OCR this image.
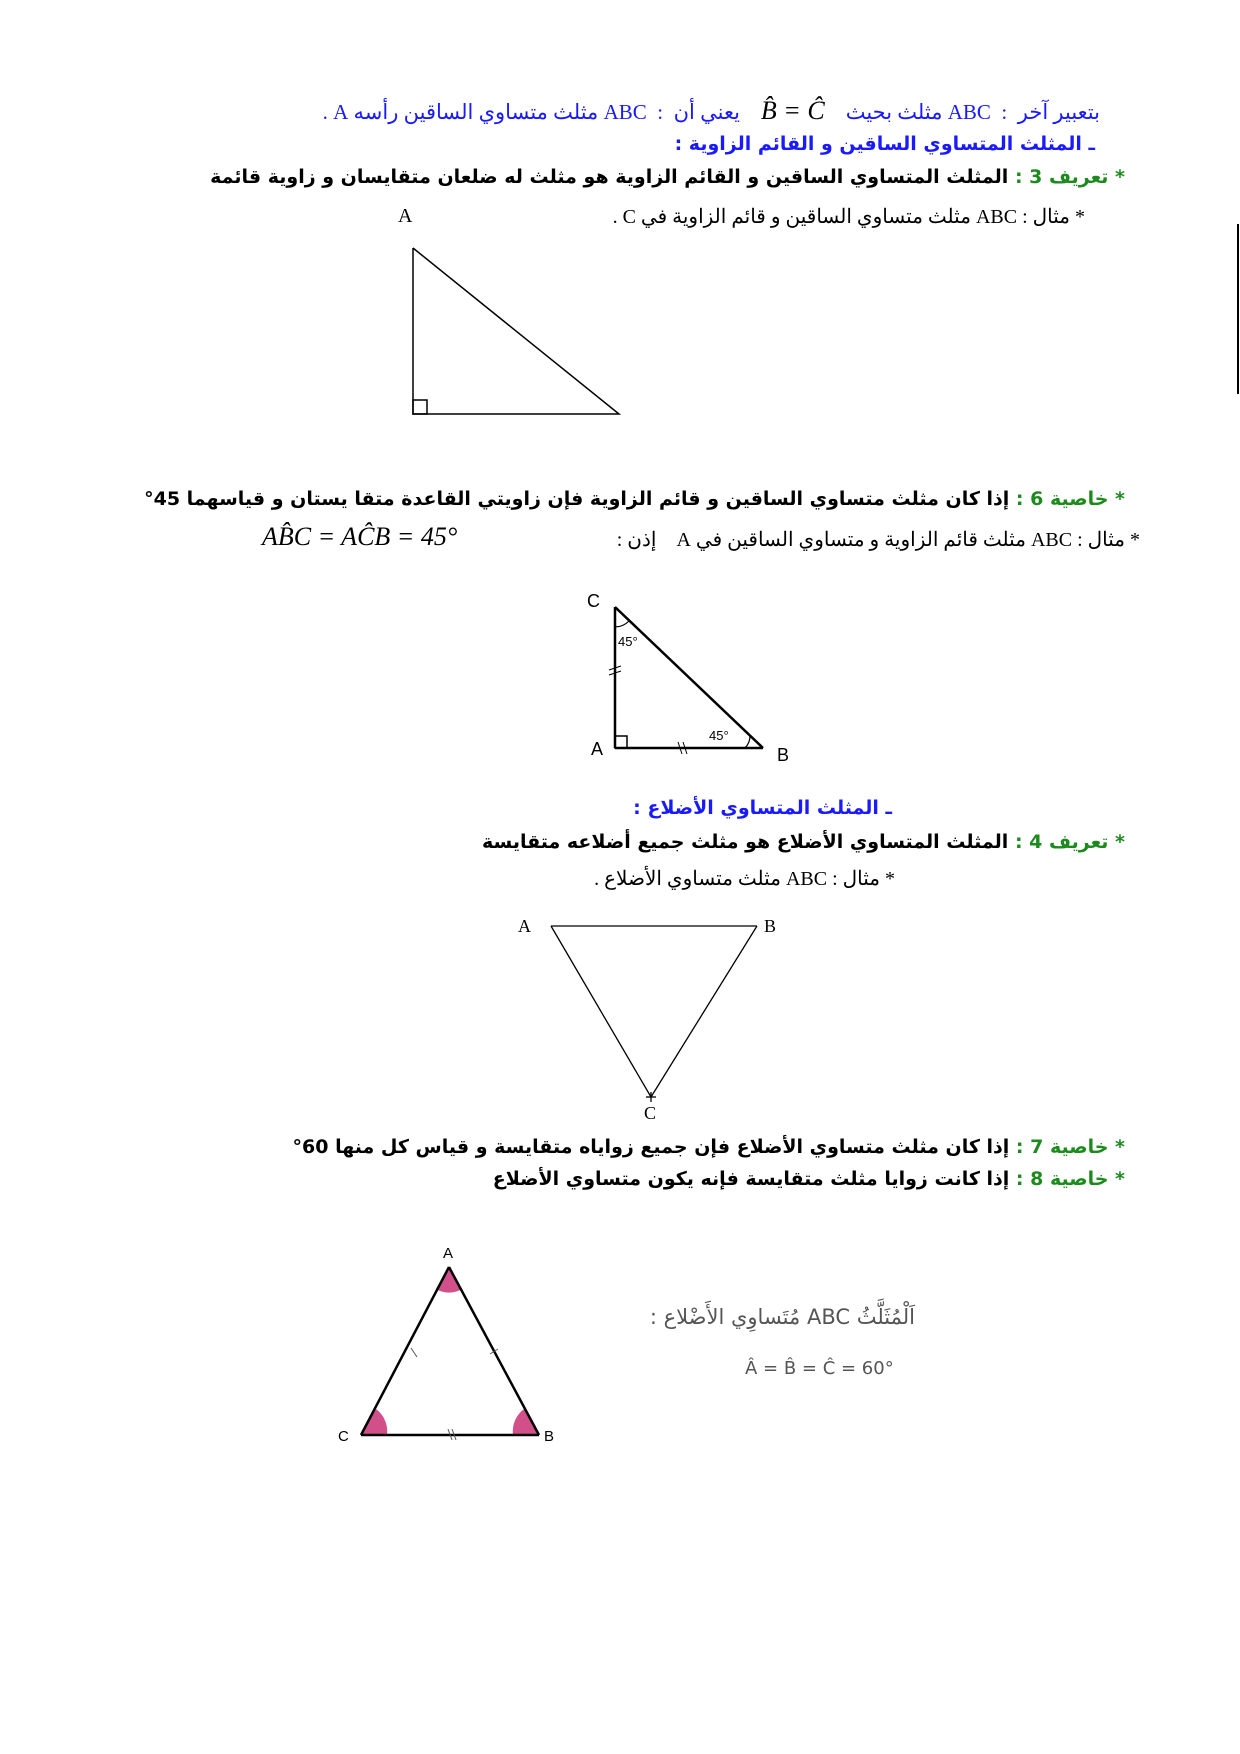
بتعبير آخر  :  ABC مثلث بحيث    B̂ = Ĉ    يعني أن  :  ABC مثلث متساوي الساقين رأسه A .
ـ المثلث المتساوي الساقين و القائم الزاوية :
* تعريف 3 : المثلث المتساوي الساقين و القائم الزاوية هو مثلث له ضلعان متقايسان و زاوية قائمة
* مثال : ABC مثلث متساوي الساقين و قائم الزاوية في C .
A
* خاصية 6 : إذا كان مثلث متساوي الساقين و قائم الزاوية فإن زاويتي القاعدة متقا يستان و قياسهما 45°
* مثال : ABC مثلث قائم الزاوية و متساوي الساقين في A    إذن :
AB̂C = AĈB = 45°
C
A	B
45°
45°
ـ المثلث المتساوي الأضلاع :
* تعريف 4 : المثلث المتساوي الأضلاع هو مثلث جميع أضلاعه متقايسة
* مثال : ABC مثلث متساوي الأضلاع .
A	B
C
* خاصية 7 : إذا كان مثلث متساوي الأضلاع فإن جميع زواياه متقايسة و قياس كل منها 60°
* خاصية 8 : إذا كانت زوايا مثلث متقايسة فإنه يكون متساوي الأضلاع
A
C	B
اَلْمُثَلَّثُ ABC مُتَساوِي الأَضْلاع :
Â = B̂ = Ĉ = 60°
